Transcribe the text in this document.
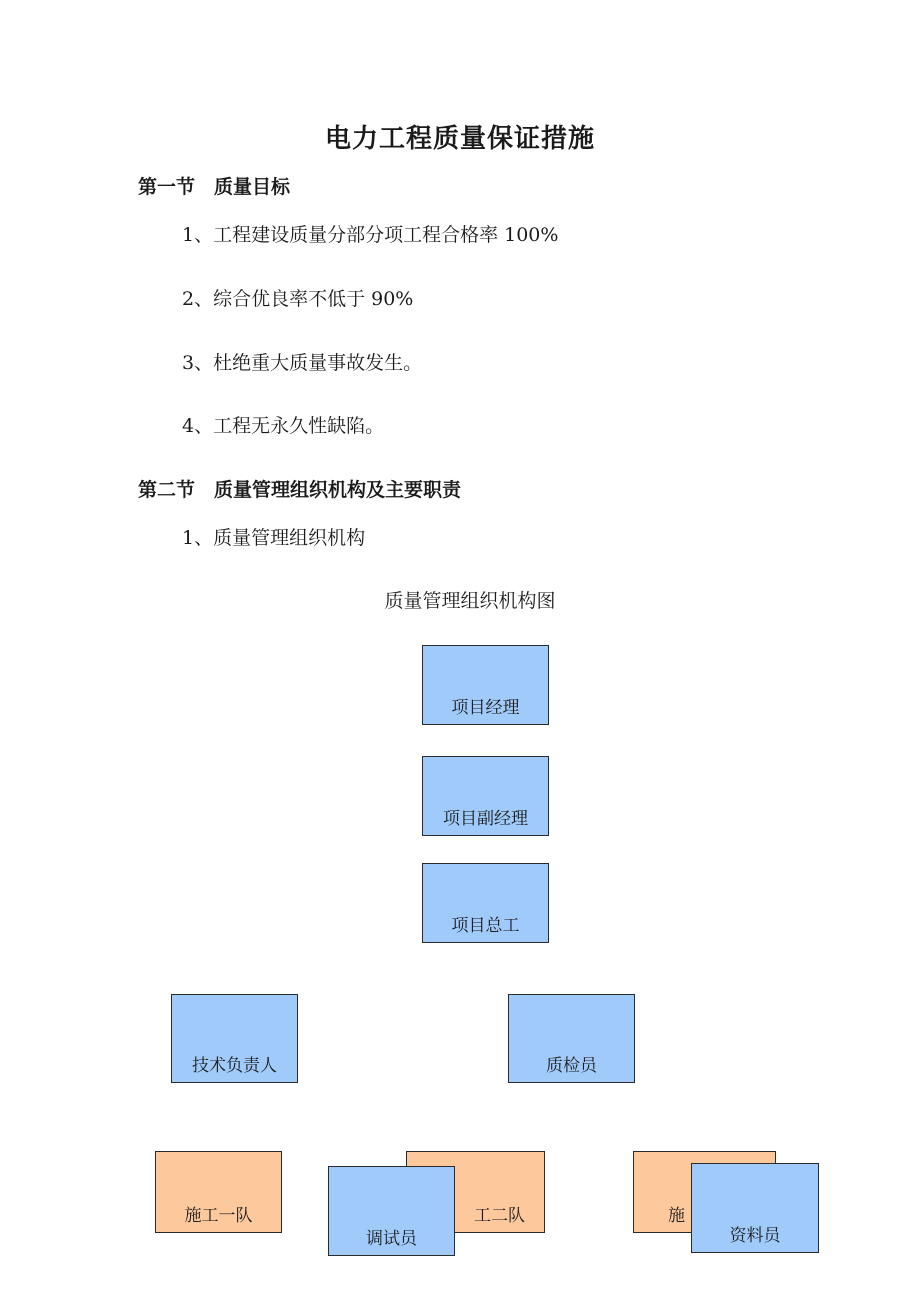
电力工程质量保证措施
第一节　质量目标
1、工程建设质量分部分项工程合格率 100%
2、综合优良率不低于 90%
3、杜绝重大质量事故发生。
4、工程无永久性缺陷。
第二节　质量管理组织机构及主要职责
1、质量管理组织机构
质量管理组织机构图
项目经理
项目副经理
项目总工
技术负责人	质检员
施工一队	工二队	施
调试员	资料员
